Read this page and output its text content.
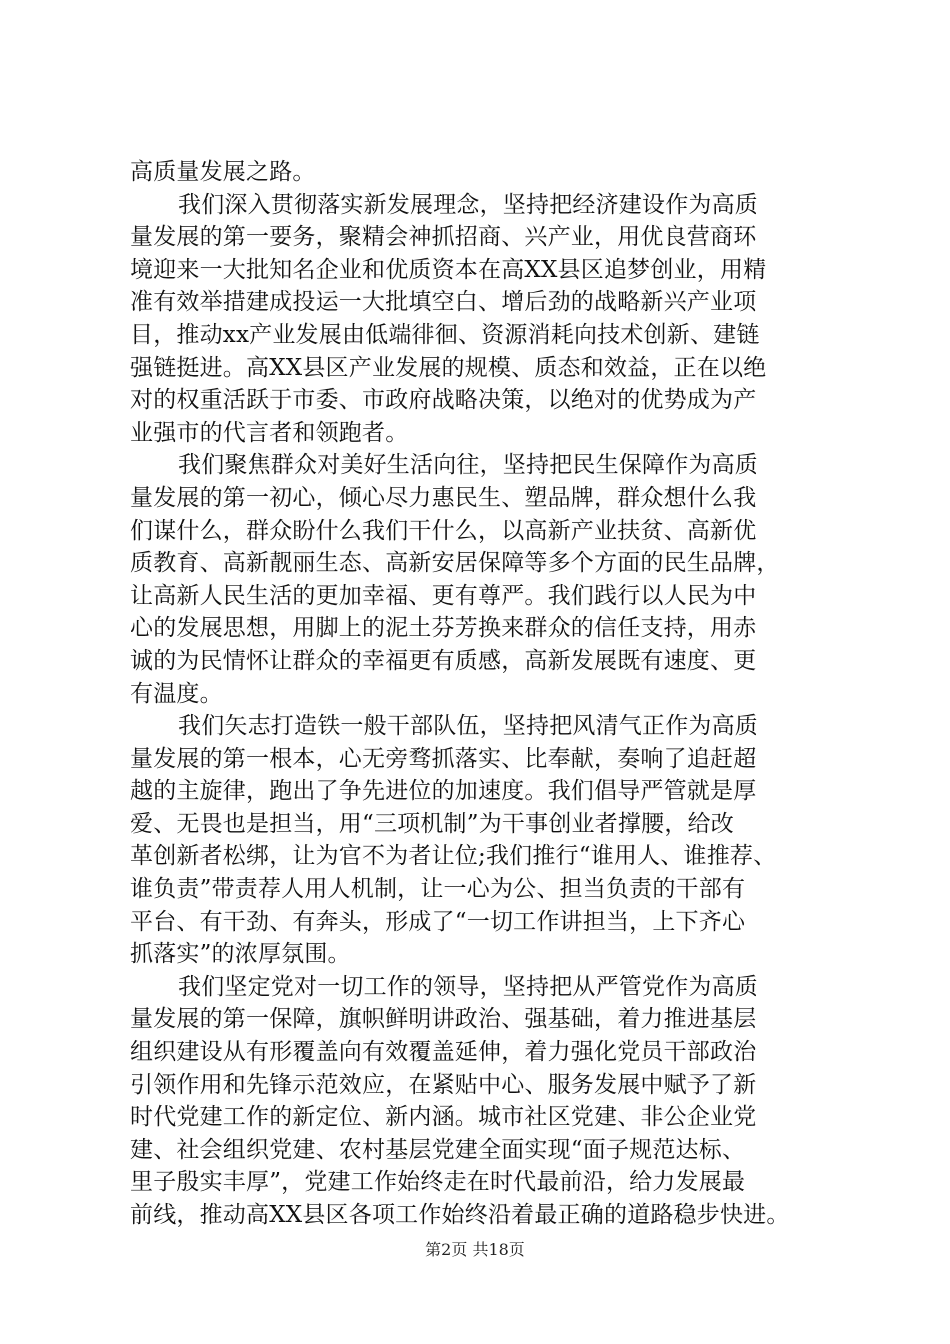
高质量发展之路。
我们深入贯彻落实新发展理念，坚持把经济建设作为高质
量发展的第一要务，聚精会神抓招商、兴产业，用优良营商环
境迎来一大批知名企业和优质资本在高XX县区追梦创业，用精
准有效举措建成投运一大批填空白、增后劲的战略新兴产业项
目，推动xx产业发展由低端徘徊、资源消耗向技术创新、建链
强链挺进。高XX县区产业发展的规模、质态和效益，正在以绝
对的权重活跃于市委、市政府战略决策，以绝对的优势成为产
业强市的代言者和领跑者。
我们聚焦群众对美好生活向往，坚持把民生保障作为高质
量发展的第一初心，倾心尽力惠民生、塑品牌，群众想什么我
们谋什么，群众盼什么我们干什么，以高新产业扶贫、高新优
质教育、高新靓丽生态、高新安居保障等多个方面的民生品牌，
让高新人民生活的更加幸福、更有尊严。我们践行以人民为中
心的发展思想，用脚上的泥土芬芳换来群众的信任支持，用赤
诚的为民情怀让群众的幸福更有质感，高新发展既有速度、更
有温度。
我们矢志打造铁一般干部队伍，坚持把风清气正作为高质
量发展的第一根本，心无旁骛抓落实、比奉献，奏响了追赶超
越的主旋律，跑出了争先进位的加速度。我们倡导严管就是厚
爱、无畏也是担当，用“三项机制”为干事创业者撑腰，给改
革创新者松绑，让为官不为者让位;我们推行“谁用人、谁推荐、
谁负责”带责荐人用人机制，让一心为公、担当负责的干部有
平台、有干劲、有奔头，形成了“一切工作讲担当，上下齐心
抓落实”的浓厚氛围。
我们坚定党对一切工作的领导，坚持把从严管党作为高质
量发展的第一保障，旗帜鲜明讲政治、强基础，着力推进基层
组织建设从有形覆盖向有效覆盖延伸，着力强化党员干部政治
引领作用和先锋示范效应，在紧贴中心、服务发展中赋予了新
时代党建工作的新定位、新内涵。城市社区党建、非公企业党
建、社会组织党建、农村基层党建全面实现“面子规范达标、
里子殷实丰厚”，党建工作始终走在时代最前沿，给力发展最
前线，推动高XX县区各项工作始终沿着最正确的道路稳步快进。
第2页 共18页
